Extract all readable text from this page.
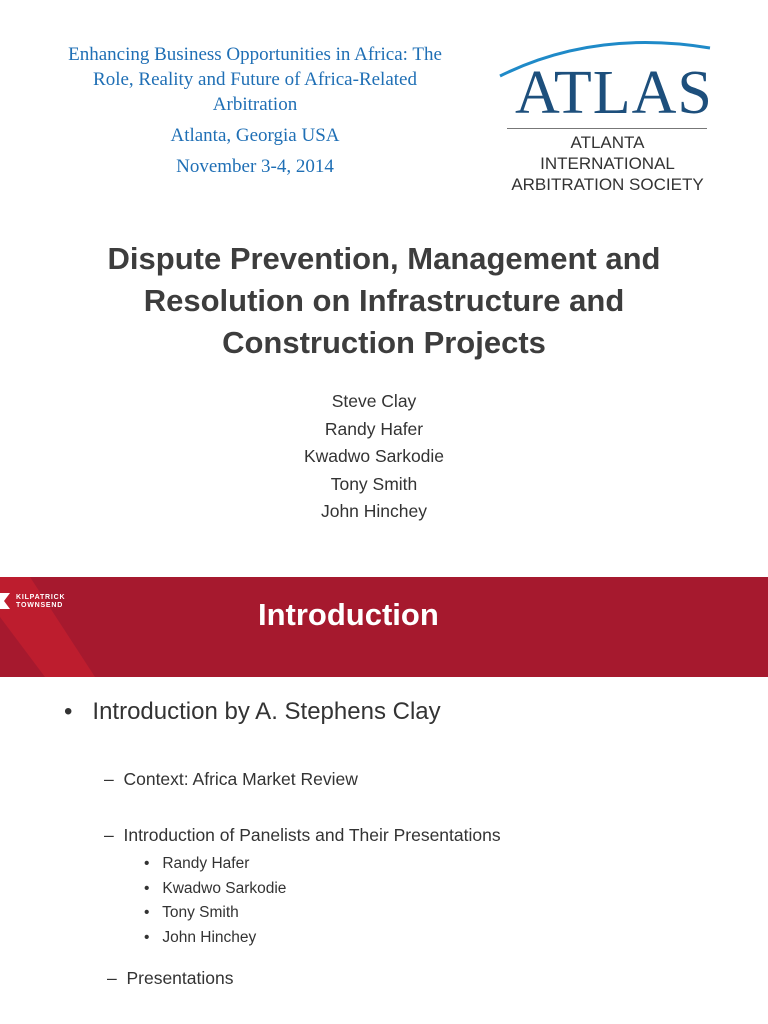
Enhancing Business Opportunities in Africa: The
Role, Reality and Future of Africa-Related
Arbitration
Atlanta, Georgia USA
November 3-4, 2014
ATLAS
ATLANTA INTERNATIONAL
ARBITRATION SOCIETY
Dispute Prevention, Management and
Resolution on Infrastructure and
Construction Projects
Steve Clay
Randy Hafer
Kwadwo Sarkodie
Tony Smith
John Hinchey
KILPATRICK
TOWNSEND	Introduction
•   Introduction by A. Stephens Clay
–  Context: Africa Market Review
–  Introduction of Panelists and Their Presentations
•   Randy Hafer
•   Kwadwo Sarkodie
•   Tony Smith
•   John Hinchey
–  Presentations
